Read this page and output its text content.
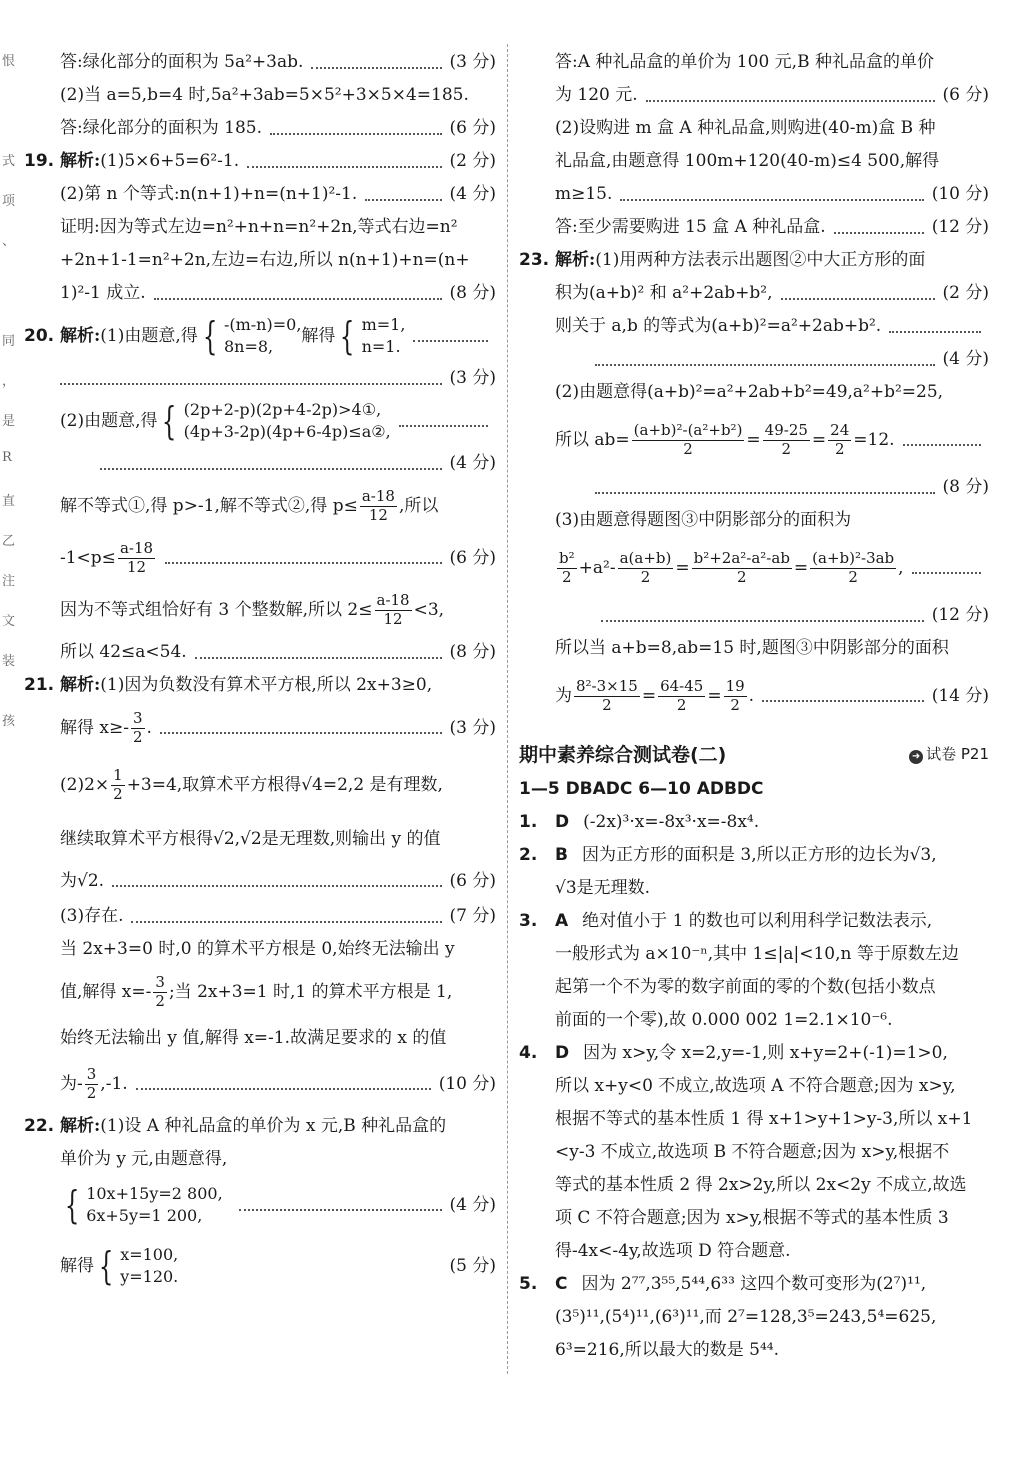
恨
式
项
、
同
，
是
R
直
乙
注
文
装
孩
答:绿化部分的面积为 5a²+3ab.	(3 分)
(2)当 a=5,b=4 时,5a²+3ab=5×5²+3×5×4=185.
答:绿化部分的面积为 185.	(6 分)
19. 解析: (1)5×6+5=6²-1.	(2 分)
(2)第 n 个等式:n(n+1)+n=(n+1)²-1.	(4 分)
证明:因为等式左边=n²+n+n=n²+2n,等式右边=n²
+2n+1-1=n²+2n,左边=右边,所以 n(n+1)+n=(n+
1)²-1 成立.	(8 分)
20. 解析: (1)由题意,得 { -(m-n)=0,
8n=8,
解得 { m=1,
n=1.
(3 分)
(2)由题意,得 { (2p+2-p)(2p+4-2p)>4①,
(4p+3-2p)(4p+6-4p)≤a②,
(4 分)
解不等式①,得 p>-1,解不等式②,得 $p\le \frac{a-18}{12}$ ,所以
$-1<p\le \frac{a-18}{12}$	(6 分)
因为不等式组恰好有 3 个整数解,所以 $2\le \frac{a-18}{12} <3$,
所以 42≤a<54.	(8 分)
21. 解析: (1)因为负数没有算术平方根,所以 2x+3≥0,
解得 $x\ge- \frac{3}{2}$ .	(3 分)
$(2)2\times \frac{1}{2} +3=4$,取算术平方根得√4=2,2 是有理数,
继续取算术平方根得√2,√2是无理数,则输出 y 的值
为√2.	(6 分)
(3)存在.	(7 分)
当 2x+3=0 时,0 的算术平方根是 0,始终无法输出 y
值,解得 $x=- \frac{3}{2}$ ;当 2x+3=1 时,1 的算术平方根是 1,
始终无法输出 y 值,解得 x=-1.故满足要求的 x 的值
为- $\frac{3}{2} ,-1$.	(10 分)
22. 解析: (1)设 A 种礼品盒的单价为 x 元,B 种礼品盒的
单价为 y 元,由题意得,
{ 10x+15y=2 800,
6x+5y=1 200,
(4 分)
解得 { x=100,
y=120.
(5 分)
答:A 种礼品盒的单价为 100 元,B 种礼品盒的单价
为 120 元.	(6 分)
(2)设购进 m 盒 A 种礼品盒,则购进(40-m)盒 B 种
礼品盒,由题意得 100m+120(40-m)≤4 500,解得
m≥15.	(10 分)
答:至少需要购进 15 盒 A 种礼品盒.	(12 分)
23. 解析: (1)用两种方法表示出题图②中大正方形的面
积为(a+b)² 和 a²+2ab+b²,	(2 分)
则关于 a,b 的等式为(a+b)²=a²+2ab+b².
(4 分)
(2)由题意得(a+b)²=a²+2ab+b²=49,a²+b²=25,
所以 $ab= \frac{\text{(a+b)²-(a²+b²)}}{2} = \frac{49-25}{2} = \frac{24}{2} =12$.
(8 分)
(3)由题意得题图③中阴影部分的面积为
$\frac{\text{b²}}{2} +a^2- \frac{a(a+b)}{2} = \frac{\text{b²+2a²-a²-ab}}{2} = \frac{\text{(a+b)²-3ab}}{2}$ ,
(12 分)
所以当 a+b=8,ab=15 时,题图③中阴影部分的面积
为 $\frac{\text{8²-3×15}}{2} = \frac{64-45}{2} = \frac{19}{2}$ .	(14 分)
期中素养综合测试卷(二)	➜ 试卷 P21
1—5 DBADC 6—10 ADBDC
1.	D (-2x)³·x=-8x³·x=-8x⁴.
2.	B 因为正方形的面积是 3,所以正方形的边长为√3,
√3是无理数.
3.	A 绝对值小于 1 的数也可以利用科学记数法表示,
一般形式为 a×10⁻ⁿ,其中 1≤|a|<10,n 等于原数左边
起第一个不为零的数字前面的零的个数(包括小数点
前面的一个零),故 0.000 002 1=2.1×10⁻⁶.
4.	D 因为 x>y,令 x=2,y=-1,则 x+y=2+(-1)=1>0,
所以 x+y<0 不成立,故选项 A 不符合题意;因为 x>y,
根据不等式的基本性质 1 得 x+1>y+1>y-3,所以 x+1
<y-3 不成立,故选项 B 不符合题意;因为 x>y,根据不
等式的基本性质 2 得 2x>2y,所以 2x<2y 不成立,故选
项 C 不符合题意;因为 x>y,根据不等式的基本性质 3
得-4x<-4y,故选项 D 符合题意.
5.	C 因为 2⁷⁷,3⁵⁵,5⁴⁴,6³³ 这四个数可变形为(2⁷)¹¹,
(3⁵)¹¹,(5⁴)¹¹,(6³)¹¹,而 2⁷=128,3⁵=243,5⁴=625,
6³=216,所以最大的数是 5⁴⁴.
